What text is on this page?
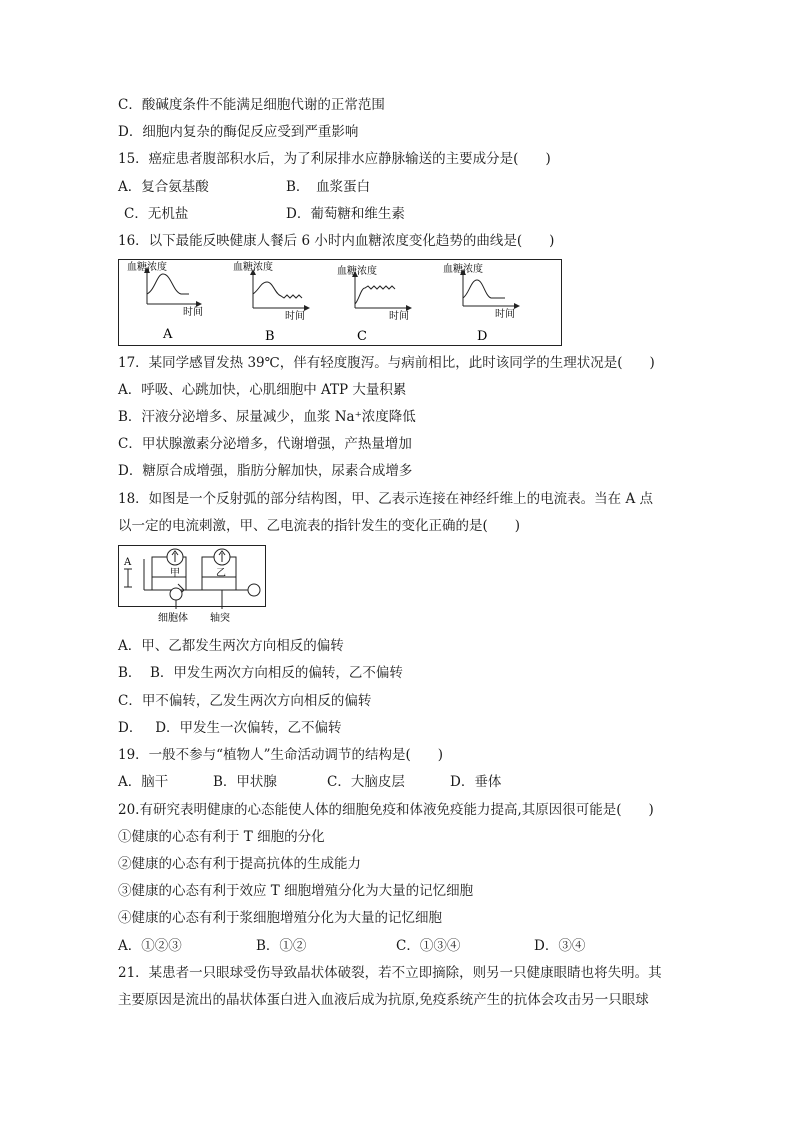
C．酸碱度条件不能满足细胞代谢的正常范围
D．细胞内复杂的酶促反应受到严重影响
15．癌症患者腹部积水后，为了利尿排水应静脉输送的主要成分是(　　)
A．复合氨基酸	B．　血浆蛋白
C．无机盐	D．葡萄糖和维生素
16．以下最能反映健康人餐后 6 小时内血糖浓度变化趋势的曲线是(　　)
血糖浓度
时间
A
血糖浓度
时间
B
血糖浓度
时间
C
血糖浓度
时间
D
17．某同学感冒发热 39℃，伴有轻度腹泻。与病前相比，此时该同学的生理状况是(　　)
A．呼吸、心跳加快，心肌细胞中 ATP 大量积累
B．汗液分泌增多、尿量减少，血浆 Na⁺浓度降低
C．甲状腺激素分泌增多，代谢增强，产热量增加
D．糖原合成增强，脂肪分解加快，尿素合成增多
18．如图是一个反射弧的部分结构图，甲、乙表示连接在神经纤维上的电流表。当在 A 点
以一定的电流刺激，甲、乙电流表的指针发生的变化正确的是(　　)
A
甲	乙
细胞体 轴突
A．甲、乙都发生两次方向相反的偏转
B．  B．甲发生两次方向相反的偏转，乙不偏转
C．甲不偏转，乙发生两次方向相反的偏转
D．   D．甲发生一次偏转，乙不偏转
19．一般不参与“植物人”生命活动调节的结构是(　　)
A．脑干	B．甲状腺	C．大脑皮层	D．垂体
20.有研究表明健康的心态能使人体的细胞免疫和体液免疫能力提高,其原因很可能是(　　)
①健康的心态有利于 T 细胞的分化
②健康的心态有利于提高抗体的生成能力
③健康的心态有利于效应 T 细胞增殖分化为大量的记忆细胞
④健康的心态有利于浆细胞增殖分化为大量的记忆细胞
A．①②③	B．①②	C．①③④	D．③④
21．某患者一只眼球受伤导致晶状体破裂，若不立即摘除，则另一只健康眼睛也将失明。其
主要原因是流出的晶状体蛋白进入血液后成为抗原,免疫系统产生的抗体会攻击另一只眼球
